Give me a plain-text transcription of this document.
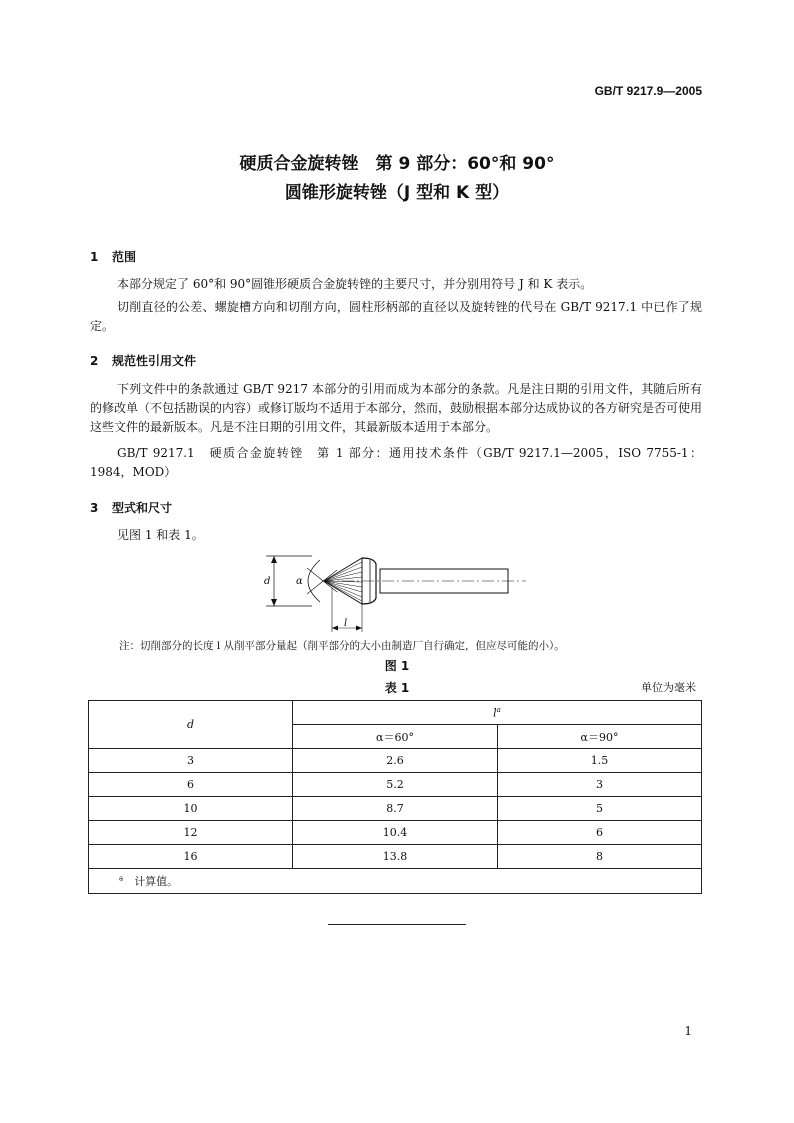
GB/T 9217.9—2005
硬质合金旋转锉　第 9 部分：60°和 90°
圆锥形旋转锉（J 型和 K 型）
1 范围
本部分规定了 60°和 90°圆锥形硬质合金旋转锉的主要尺寸，并分别用符号 J 和 K 表示。
切削直径的公差、螺旋槽方向和切削方向，圆柱形柄部的直径以及旋转锉的代号在 GB/T 9217.1 中已作了规定。
2 规范性引用文件
下列文件中的条款通过 GB/T 9217 本部分的引用而成为本部分的条款。凡是注日期的引用文件，其随后所有的修改单（不包括勘误的内容）或修订版均不适用于本部分，然而，鼓励根据本部分达成协议的各方研究是否可使用这些文件的最新版本。凡是不注日期的引用文件，其最新版本适用于本部分。
GB/T 9217.1　硬质合金旋转锉　第 1 部分：通用技术条件（GB/T 9217.1—2005，ISO 7755-1：1984，MOD）
3 型式和尺寸
见图 1 和表 1。
d	α
l
注：切削部分的长度 l 从削平部分量起（削平部分的大小由制造厂自行确定，但应尽可能的小）。
图 1
表 1	单位为毫米
d	$l^a$
	α＝60°	α＝90°
3	2.6	1.5
6	5.2	3
10	8.7	5
12	10.4	6
16	13.8	8
$^a$　 计算值。		
1
